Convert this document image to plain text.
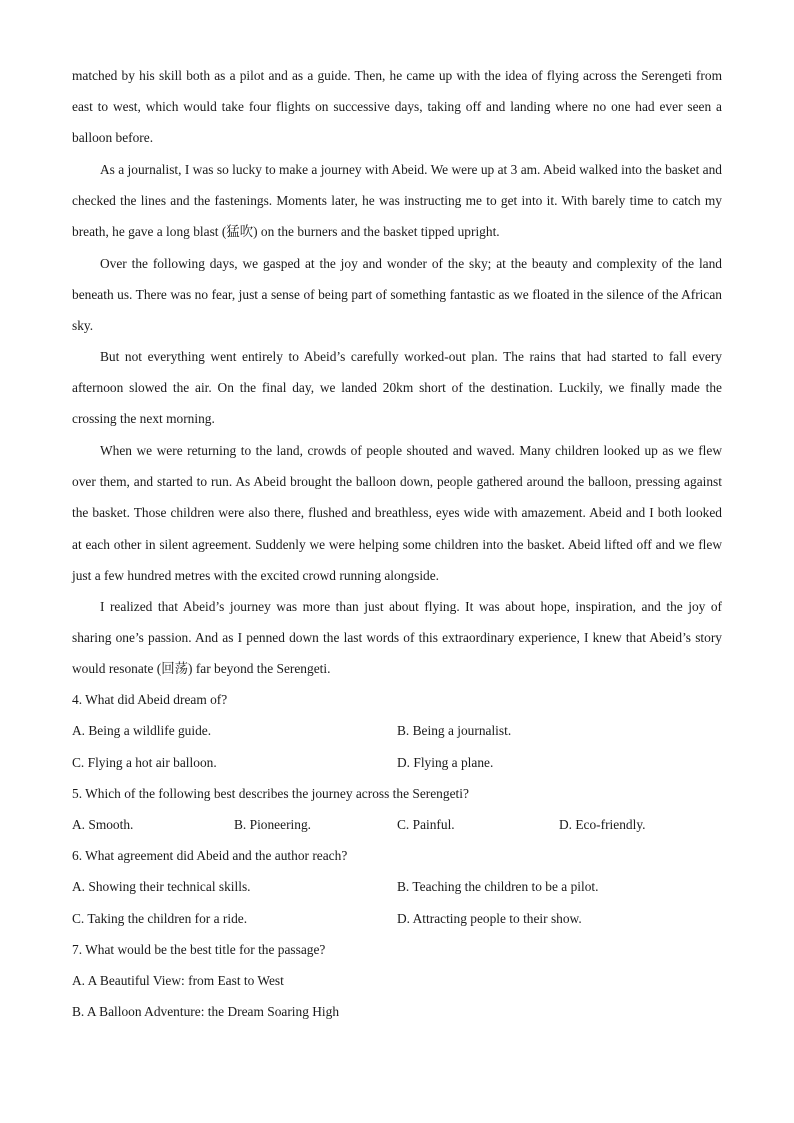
matched by his skill both as a pilot and as a guide. Then, he came up with the idea of flying across the Serengeti from east to west, which would take four flights on successive days, taking off and landing where no one had ever seen a balloon before.

As a journalist, I was so lucky to make a journey with Abeid. We were up at 3 am. Abeid walked into the basket and checked the lines and the fastenings. Moments later, he was instructing me to get into it. With barely time to catch my breath, he gave a long blast (猛吹) on the burners and the basket tipped upright.

Over the following days, we gasped at the joy and wonder of the sky; at the beauty and complexity of the land beneath us. There was no fear, just a sense of being part of something fantastic as we floated in the silence of the African sky.

But not everything went entirely to Abeid’s carefully worked-out plan. The rains that had started to fall every afternoon slowed the air. On the final day, we landed 20km short of the destination. Luckily, we finally made the crossing the next morning.

When we were returning to the land, crowds of people shouted and waved. Many children looked up as we flew over them, and started to run. As Abeid brought the balloon down, people gathered around the balloon, pressing against the basket. Those children were also there, flushed and breathless, eyes wide with amazement. Abeid and I both looked at each other in silent agreement. Suddenly we were helping some children into the basket. Abeid lifted off and we flew just a few hundred metres with the excited crowd running alongside.

I realized that Abeid’s journey was more than just about flying. It was about hope, inspiration, and the joy of sharing one’s passion. And as I penned down the last words of this extraordinary experience, I knew that Abeid’s story would resonate (回荡) far beyond the Serengeti.

4. What did Abeid dream of?

A. Being a wildlife guide.	B. Being a journalist.

C. Flying a hot air balloon.	D. Flying a plane.

5. Which of the following best describes the journey across the Serengeti?

A. Smooth.	B. Pioneering.	C. Painful.	D. Eco-friendly.

6. What agreement did Abeid and the author reach?

A. Showing their technical skills.	B. Teaching the children to be a pilot.

C. Taking the children for a ride.	D. Attracting people to their show.

7. What would be the best title for the passage?

A. A Beautiful View: from East to West

B. A Balloon Adventure: the Dream Soaring High
